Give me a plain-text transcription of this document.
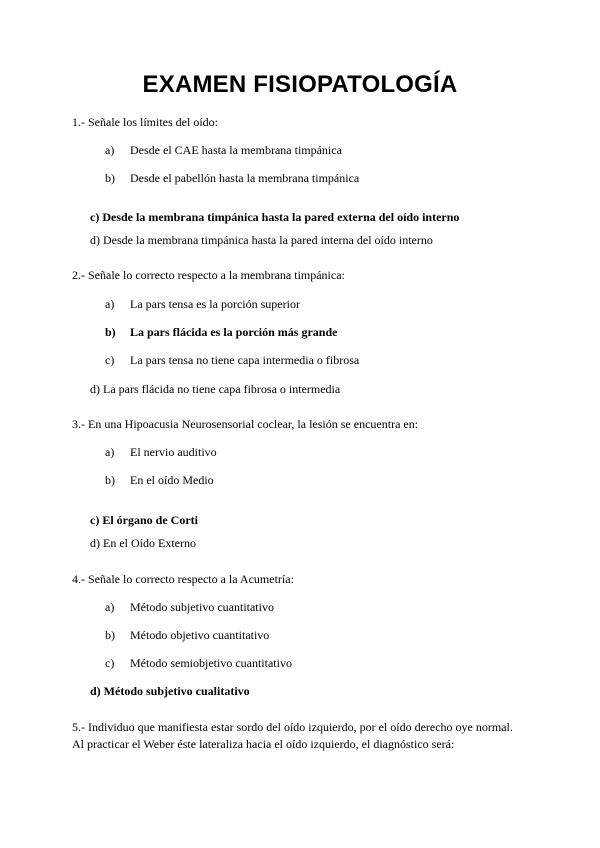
EXAMEN FISIOPATOLOGÍA
1.- Señale los límites del oído:
a) Desde el CAE hasta la membrana timpánica
b) Desde el pabellón hasta la membrana timpánica
c) Desde la membrana timpánica hasta la pared externa del oído interno
d) Desde la membrana timpánica hasta la pared interna del oído interno
2.- Señale lo correcto respecto a la membrana timpánica:
a) La pars tensa es la porción superior
b) La pars flácida es la porción más grande
c) La pars tensa no tiene capa intermedia o fibrosa
d) La pars flácida no tiene capa fibrosa o intermedia
3.- En una Hipoacusia Neurosensorial coclear, la lesión se encuentra en:
a) El nervio auditivo
b) En el oído Medio
c) El órgano de Corti
d) En el Oído Externo
4.- Señale lo correcto respecto a la Acumetría:
a) Método subjetivo cuantitativo
b) Método objetivo cuantitativo
c) Método semiobjetivo cuantitativo
d) Método subjetivo cualitativo
5.- Individuo que manifiesta estar sordo del oído izquierdo, por el oído derecho oye normal.
Al practicar el Weber éste lateraliza hacia el oído izquierdo, el diagnóstico será:
